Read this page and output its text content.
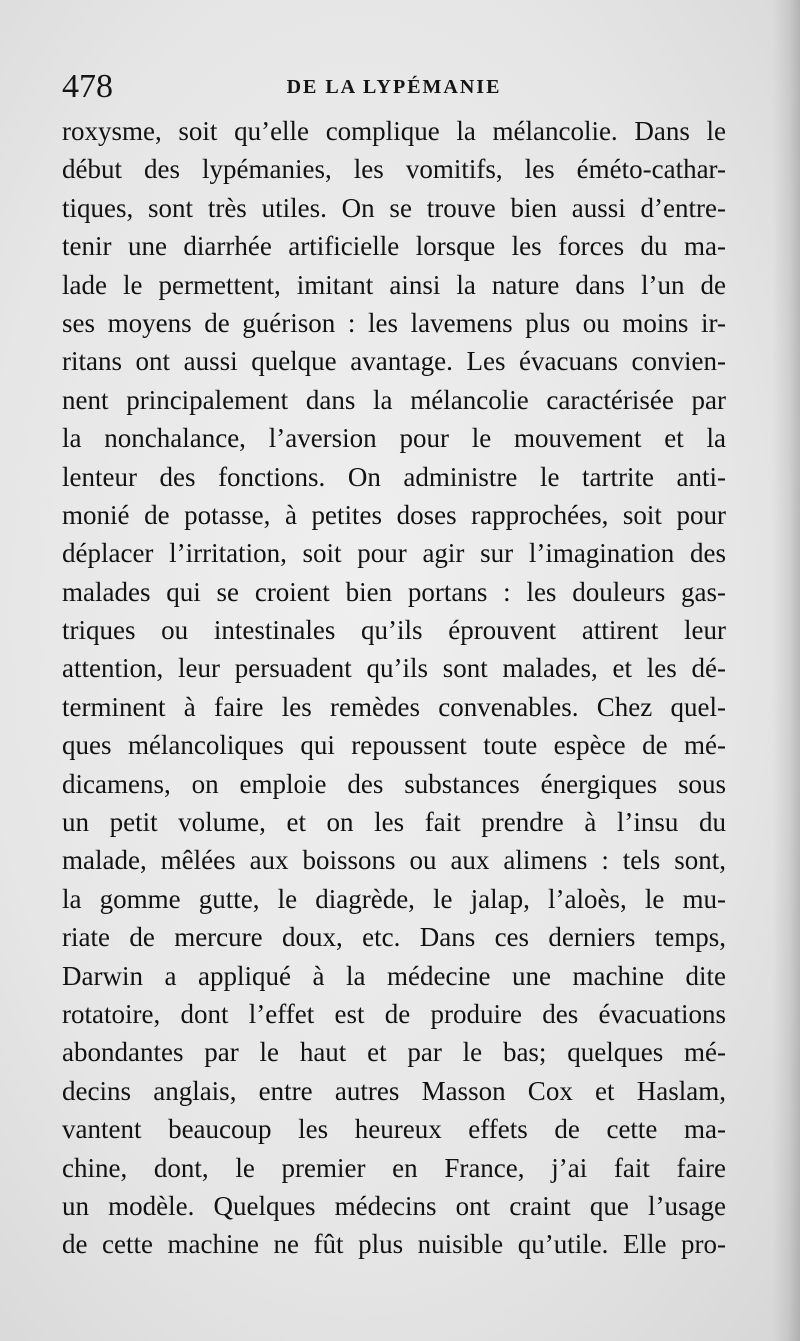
478	DE LA LYPÉMANIE
roxysme, soit qu’elle complique la mélancolie. Dans le
début des lypémanies, les vomitifs, les éméto-cathar-
tiques, sont très utiles. On se trouve bien aussi d’entre-
tenir une diarrhée artificielle lorsque les forces du ma-
lade le permettent, imitant ainsi la nature dans l’un de
ses moyens de guérison : les lavemens plus ou moins ir-
ritans ont aussi quelque avantage. Les évacuans convien-
nent principalement dans la mélancolie caractérisée par
la nonchalance, l’aversion pour le mouvement et la
lenteur des fonctions. On administre le tartrite anti-
monié de potasse, à petites doses rapprochées, soit pour
déplacer l’irritation, soit pour agir sur l’imagination des
malades qui se croient bien portans : les douleurs gas-
triques ou intestinales qu’ils éprouvent attirent leur
attention, leur persuadent qu’ils sont malades, et les dé-
terminent à faire les remèdes convenables. Chez quel-
ques mélancoliques qui repoussent toute espèce de mé-
dicamens, on emploie des substances énergiques sous
un petit volume, et on les fait prendre à l’insu du
malade, mêlées aux boissons ou aux alimens : tels sont,
la gomme gutte, le diagrède, le jalap, l’aloès, le mu-
riate de mercure doux, etc. Dans ces derniers temps,
Darwin a appliqué à la médecine une machine dite
rotatoire, dont l’effet est de produire des évacuations
abondantes par le haut et par le bas; quelques mé-
decins anglais, entre autres Masson Cox et Haslam,
vantent beaucoup les heureux effets de cette ma-
chine, dont, le premier en France, j’ai fait faire
un modèle. Quelques médecins ont craint que l’usage
de cette machine ne fût plus nuisible qu’utile. Elle pro-
